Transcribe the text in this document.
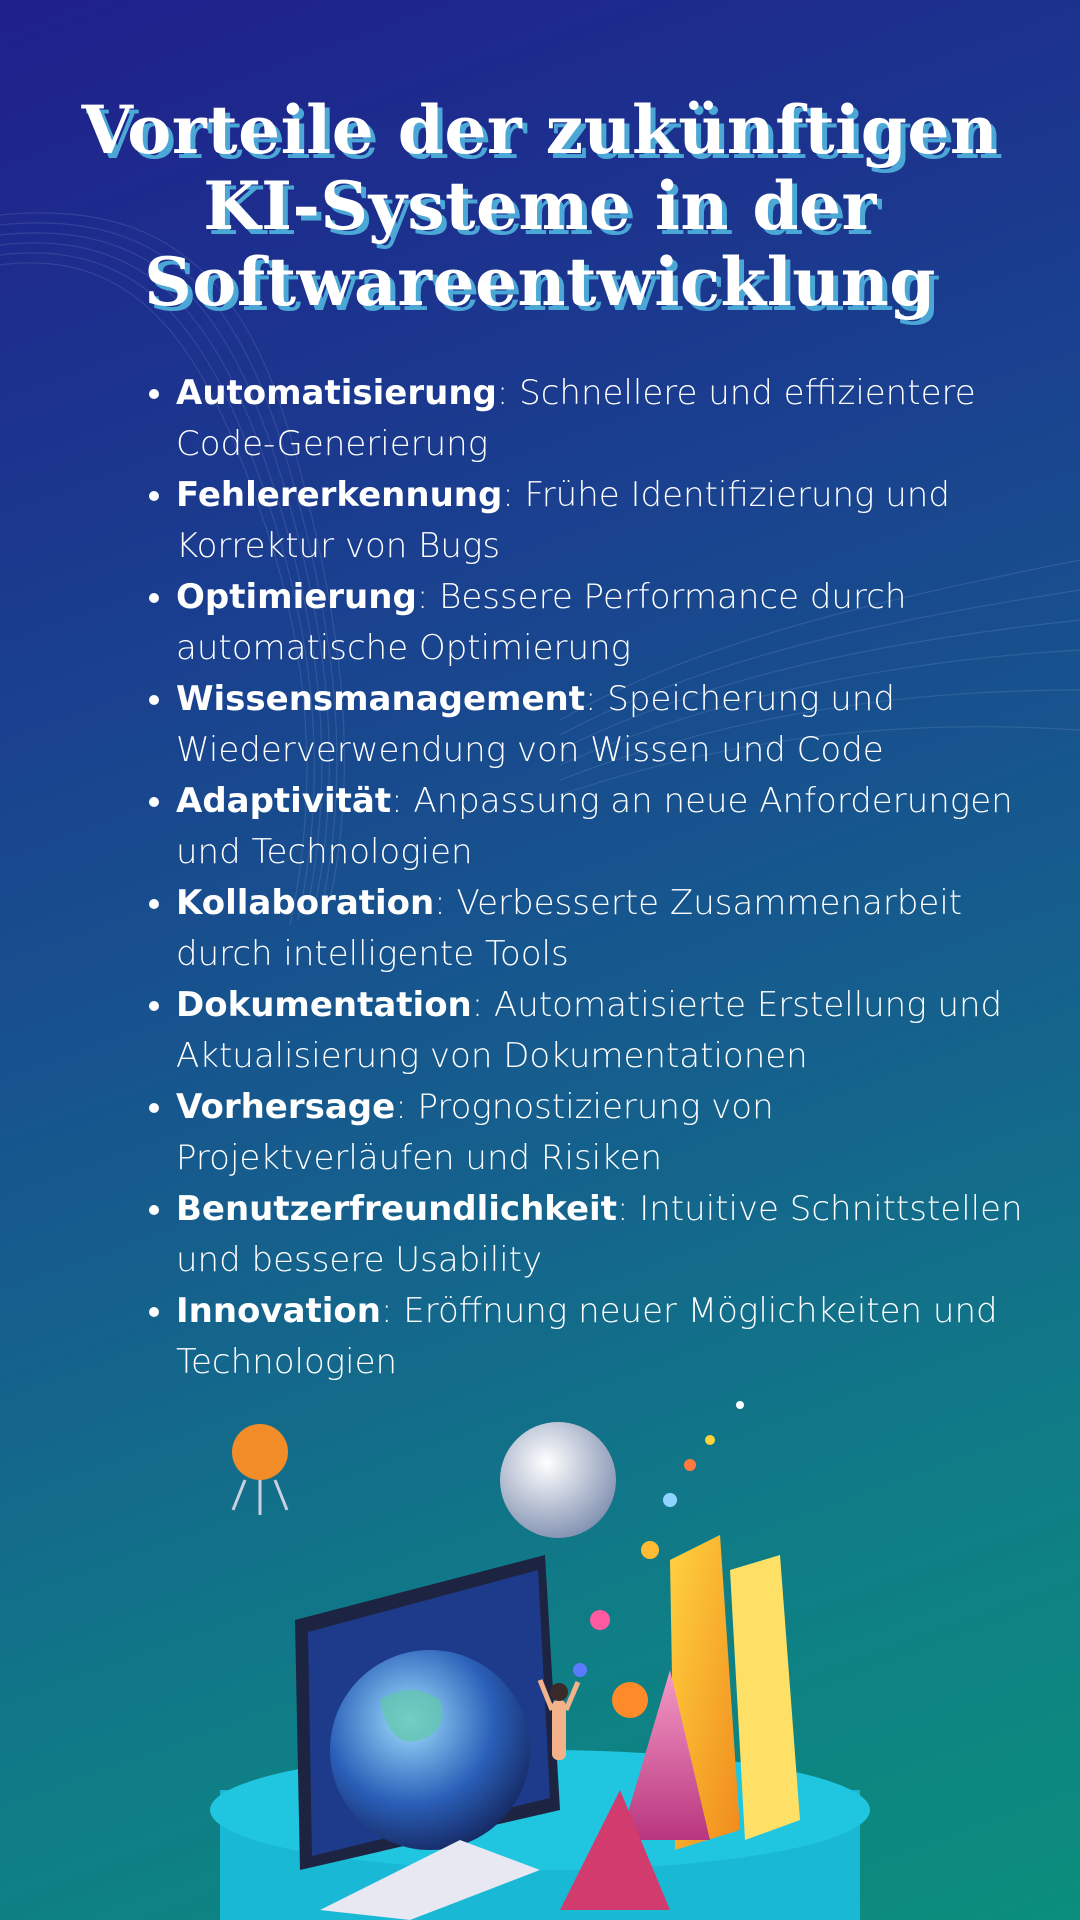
Vorteile der zukünftigen KI-Systeme in der Softwareentwicklung
• Automatisierung: Schnellere und effizientere Code-Generierung
• Fehlererkennung: Frühe Identifizierung und Korrektur von Bugs
• Optimierung: Bessere Performance durch automatische Optimierung
• Wissensmanagement: Speicherung und Wiederverwendung von Wissen und Code
• Adaptivität: Anpassung an neue Anforderungen und Technologien
• Kollaboration: Verbesserte Zusammenarbeit durch intelligente Tools
• Dokumentation: Automatisierte Erstellung und Aktualisierung von Dokumentationen
• Vorhersage: Prognostizierung von Projektverläufen und Risiken
• Benutzerfreundlichkeit: Intuitive Schnittstellen und bessere Usability
• Innovation: Eröffnung neuer Möglichkeiten und Technologien
